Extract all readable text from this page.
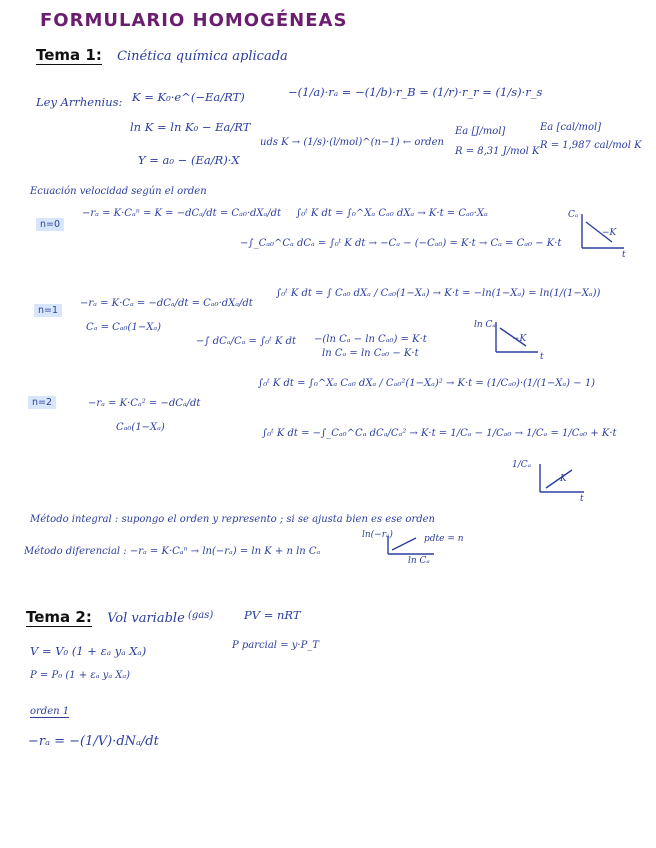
FORMULARIO HOMOGÉNEAS
Tema 1: Cinética química aplicada
Ley Arrhenius: K = K₀·e^(−Ea/RT)	−(1/a)·rₐ = −(1/b)·r_B = (1/r)·r_r = (1/s)·r_s
ln K = ln K₀ − Ea/RT
uds K → (1/s)·(l/mol)^(n−1) ← orden
Ea [J/mol]
R = 8,31 J/mol K
Ea [cal/mol]
R = 1,987 cal/mol K
Y = a₀ − (Ea/R)·X
Ecuación velocidad según el orden
n=0
−rₐ = K·Cₐⁿ = K = −dCₐ/dt = Cₐ₀·dXₐ/dt ∫₀ᵗ K dt = ∫₀^Xₐ Cₐ₀ dXₐ → K·t = Cₐ₀·Xₐ
−∫_Cₐ₀^Cₐ dCₐ = ∫₀ᵗ K dt → −Cₐ − (−Cₐ₀) = K·t → Cₐ = Cₐ₀ − K·t
Cₐ
t
−K
n=1
−rₐ = K·Cₐ = −dCₐ/dt = Cₐ₀·dXₐ/dt
Cₐ = Cₐ₀(1−Xₐ)
∫₀ᵗ K dt = ∫ Cₐ₀ dXₐ / Cₐ₀(1−Xₐ) → K·t = −ln(1−Xₐ) = ln(1/(1−Xₐ))
−∫ dCₐ/Cₐ = ∫₀ᵗ K dt −(ln Cₐ − ln Cₐ₀) = K·t
ln Cₐ = ln Cₐ₀ − K·t
ln Cₐ
t
−K
n=2	−rₐ = K·Cₐ² = −dCₐ/dt
Cₐ₀(1−Xₐ)
∫₀ᵗ K dt = ∫₀^Xₐ Cₐ₀ dXₐ / Cₐ₀²(1−Xₐ)² → K·t = (1/Cₐ₀)·(1/(1−Xₐ) − 1)
∫₀ᵗ K dt = −∫_Cₐ₀^Cₐ dCₐ/Cₐ² → K·t = 1/Cₐ − 1/Cₐ₀ → 1/Cₐ = 1/Cₐ₀ + K·t
1/Cₐ
t
K
Método integral : supongo el orden y represento ; si se ajusta bien es ese orden
Método diferencial : −rₐ = K·Cₐⁿ → ln(−rₐ) = ln K + n ln Cₐ
ln(−rₐ)
ln Cₐ
pdte = n
Tema 2: Vol variable (gas)	PV = nRT
V = V₀ (1 + εₐ yₐ Xₐ)	P parcial = y·P_T
P = P₀ (1 + εₐ yₐ Xₐ)
orden 1
−rₐ = −(1/V)·dNₐ/dt
